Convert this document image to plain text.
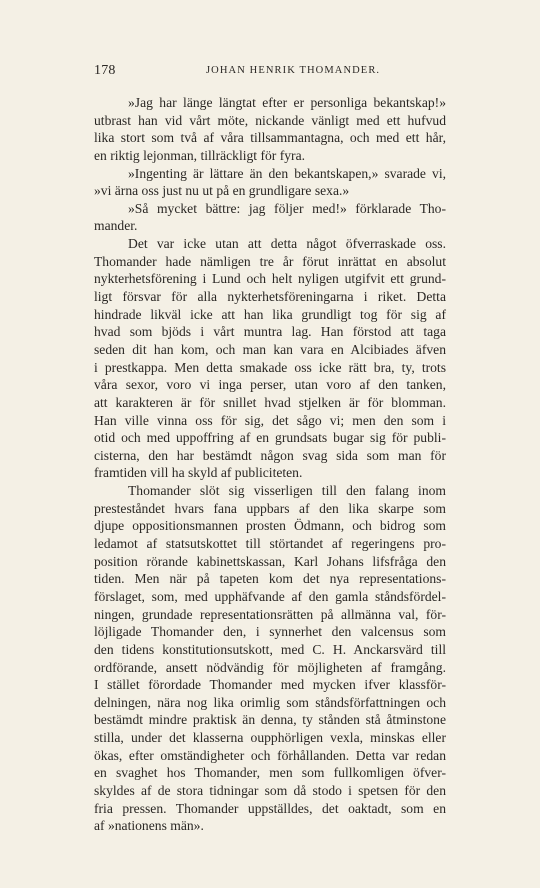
178	JOHAN HENRIK THOMANDER.
»Jag har länge längtat efter er personliga bekantskap!»
utbrast han vid vårt möte, nickande vänligt med ett hufvud
lika stort som två af våra tillsammantagna, och med ett hår,
en riktig lejonman, tillräckligt för fyra.
»Ingenting är lättare än den bekantskapen,» svarade vi,
»vi ärna oss just nu ut på en grundligare sexa.»
»Så mycket bättre: jag följer med!» förklarade Tho-
mander.
Det var icke utan att detta något öfverraskade oss.
Thomander hade nämligen tre år förut inrättat en absolut
nykterhetsförening i Lund och helt nyligen utgifvit ett grund-
ligt försvar för alla nykterhetsföreningarna i riket. Detta
hindrade likväl icke att han lika grundligt tog för sig af
hvad som bjöds i vårt muntra lag. Han förstod att taga
seden dit han kom, och man kan vara en Alcibiades äfven
i prestkappa. Men detta smakade oss icke rätt bra, ty, trots
våra sexor, voro vi inga perser, utan voro af den tanken,
att karakteren är för snillet hvad stjelken är för blomman.
Han ville vinna oss för sig, det sågo vi; men den som i
otid och med uppoffring af en grundsats bugar sig för publi-
cisterna, den har bestämdt någon svag sida som man för
framtiden vill ha skyld af publiciteten.
Thomander slöt sig visserligen till den falang inom
presteståndet hvars fana uppbars af den lika skarpe som
djupe oppositionsmannen prosten Ödmann, och bidrog som
ledamot af statsutskottet till störtandet af regeringens pro-
position rörande kabinettskassan, Karl Johans lifsfråga den
tiden. Men när på tapeten kom det nya representations-
förslaget, som, med upphäfvande af den gamla ståndsfördel-
ningen, grundade representationsrätten på allmänna val, för-
löjligade Thomander den, i synnerhet den valcensus som
den tidens konstitutionsutskott, med C. H. Anckarsvärd till
ordförande, ansett nödvändig för möjligheten af framgång.
I stället förordade Thomander med mycken ifver klassför-
delningen, nära nog lika orimlig som ståndsförfattningen och
bestämdt mindre praktisk än denna, ty stånden stå åtminstone
stilla, under det klasserna oupphörligen vexla, minskas eller
ökas, efter omständigheter och förhållanden. Detta var redan
en svaghet hos Thomander, men som fullkomligen öfver-
skyldes af de stora tidningar som då stodo i spetsen för den
fria pressen. Thomander uppställdes, det oaktadt, som en
af »nationens män».
